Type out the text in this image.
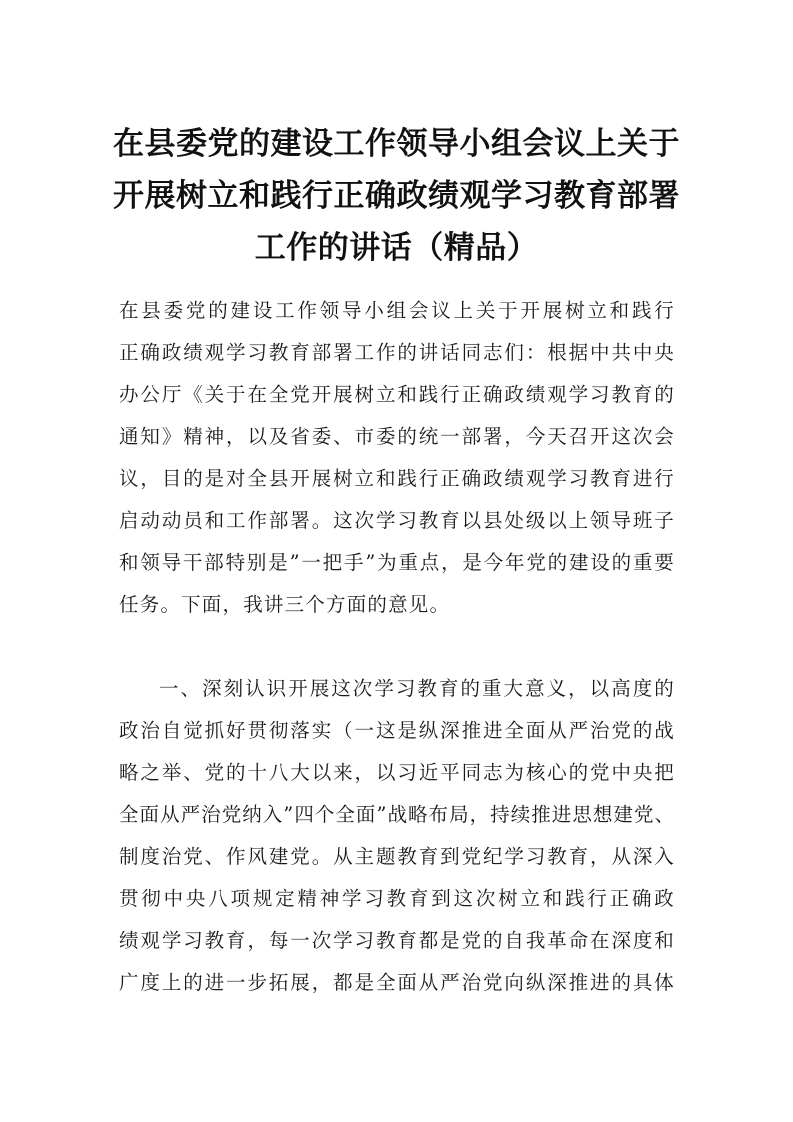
在县委党的建设工作领导小组会议上关于
开展树立和践行正确政绩观学习教育部署
工作的讲话（精品）
在县委党的建设工作领导小组会议上关于开展树立和践行
正确政绩观学习教育部署工作的讲话同志们：根据中共中央
办公厅《关于在全党开展树立和践行正确政绩观学习教育的
通知》精神，以及省委、市委的统一部署，今天召开这次会
议，目的是对全县开展树立和践行正确政绩观学习教育进行
启动动员和工作部署。这次学习教育以县处级以上领导班子
和领导干部特别是”一把手”为重点，是今年党的建设的重要
任务。下面，我讲三个方面的意见。
一、深刻认识开展这次学习教育的重大意义，以高度的
政治自觉抓好贯彻落实（一这是纵深推进全面从严治党的战
略之举、党的十八大以来，以习近平同志为核心的党中央把
全面从严治党纳入”四个全面”战略布局，持续推进思想建党、
制度治党、作风建党。从主题教育到党纪学习教育，从深入
贯彻中央八项规定精神学习教育到这次树立和践行正确政
绩观学习教育，每一次学习教育都是党的自我革命在深度和
广度上的进一步拓展，都是全面从严治党向纵深推进的具体
